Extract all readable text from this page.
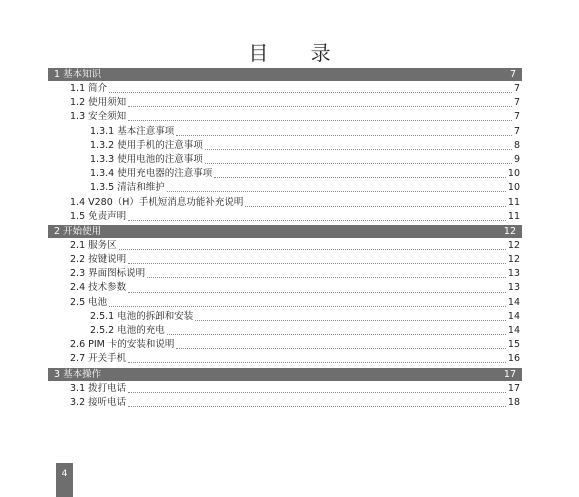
目 录
1 基本知识	7
1.1 简介	7
1.2 使用须知	7
1.3 安全须知	7
1.3.1 基本注意事项	7
1.3.2 使用手机的注意事项	8
1.3.3 使用电池的注意事项	9
1.3.4 使用充电器的注意事项	10
1.3.5 清洁和维护	10
1.4 V280（H）手机短消息功能补充说明	11
1.5 免责声明	11
2 开始使用	12
2.1 服务区	12
2.2 按键说明	12
2.3 界面图标说明	13
2.4 技术参数	13
2.5 电池	14
2.5.1 电池的拆卸和安装	14
2.5.2 电池的充电	14
2.6 PIM 卡的安装和说明	15
2.7 开关手机	16
3 基本操作	17
3.1 拨打电话	17
3.2 接听电话	18
4
